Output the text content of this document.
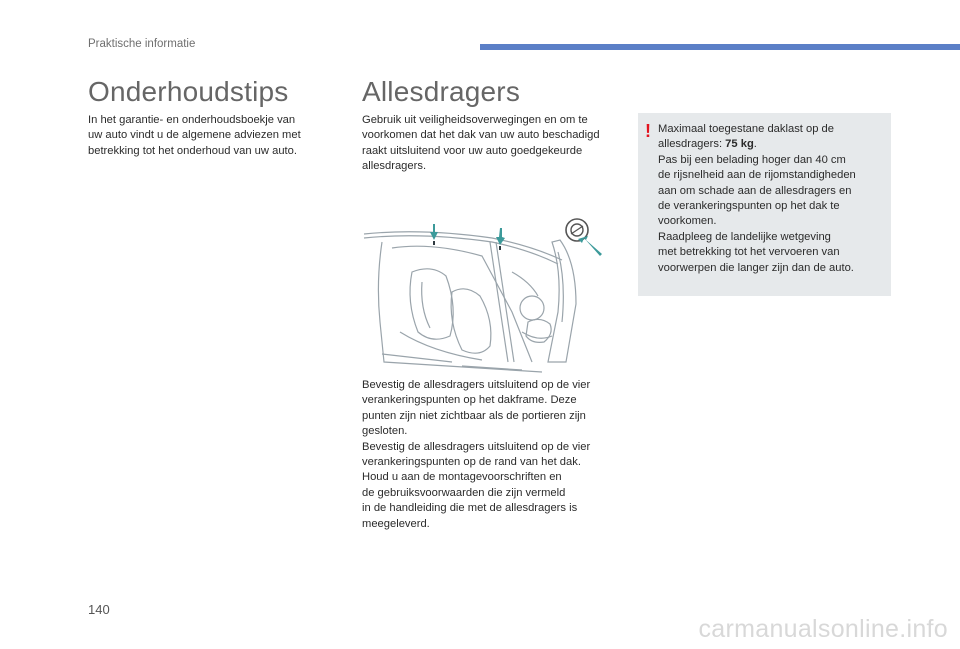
Praktische informatie
Onderhoudstips

In het garantie- en onderhoudsboekje van
uw auto vindt u de algemene adviezen met
betrekking tot het onderhoud van uw auto.

Allesdragers

Gebruik uit veiligheidsoverwegingen en om te
voorkomen dat het dak van uw auto beschadigd
raakt uitsluitend voor uw auto goedgekeurde
allesdragers.

Bevestig de allesdragers uitsluitend op de vier
verankeringspunten op het dakframe. Deze
punten zijn niet zichtbaar als de portieren zijn
gesloten.
Bevestig de allesdragers uitsluitend op de vier
verankeringspunten op de rand van het dak.
Houd u aan de montagevoorschriften en
de gebruiksvoorwaarden die zijn vermeld
in de handleiding die met de allesdragers is
meegeleverd.

! Maximaal toegestane daklast op de
allesdragers: 75 kg.
Pas bij een belading hoger dan 40 cm
de rijsnelheid aan de rijomstandigheden
aan om schade aan de allesdragers en
de verankeringspunten op het dak te
voorkomen.
Raadpleeg de landelijke wetgeving
met betrekking tot het vervoeren van
voorwerpen die langer zijn dan de auto.
140
carmanualsonline.info
